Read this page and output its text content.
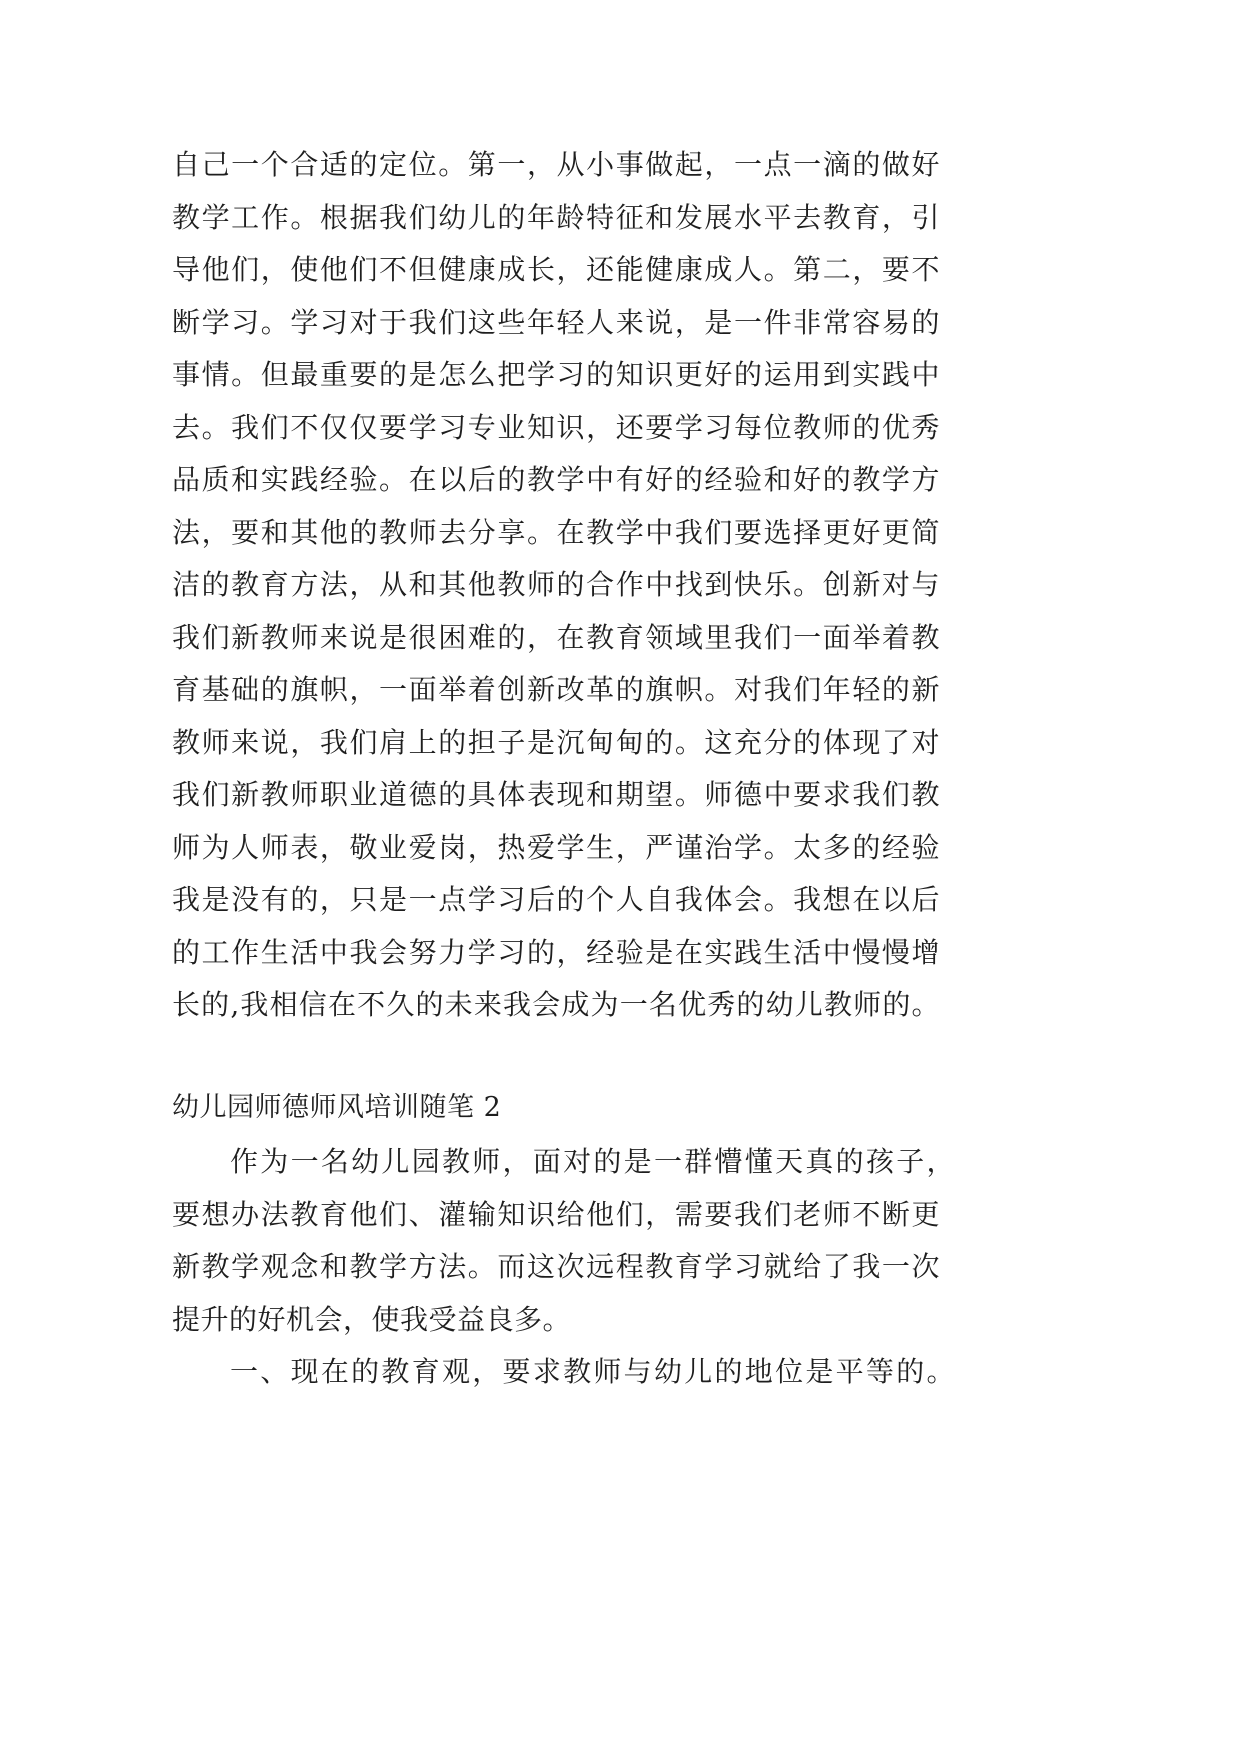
自己一个合适的定位。第一，从小事做起，一点一滴的做好
教学工作。根据我们幼儿的年龄特征和发展水平去教育，引
导他们，使他们不但健康成长，还能健康成人。第二，要不
断学习。学习对于我们这些年轻人来说，是一件非常容易的
事情。但最重要的是怎么把学习的知识更好的运用到实践中
去。我们不仅仅要学习专业知识，还要学习每位教师的优秀
品质和实践经验。在以后的教学中有好的经验和好的教学方
法，要和其他的教师去分享。在教学中我们要选择更好更简
洁的教育方法，从和其他教师的合作中找到快乐。创新对与
我们新教师来说是很困难的，在教育领域里我们一面举着教
育基础的旗帜，一面举着创新改革的旗帜。对我们年轻的新
教师来说，我们肩上的担子是沉甸甸的。这充分的体现了对
我们新教师职业道德的具体表现和期望。师德中要求我们教
师为人师表，敬业爱岗，热爱学生，严谨治学。太多的经验
我是没有的，只是一点学习后的个人自我体会。我想在以后
的工作生活中我会努力学习的，经验是在实践生活中慢慢增
长的,我相信在不久的未来我会成为一名优秀的幼儿教师的。
幼儿园师德师风培训随笔 2
作为一名幼儿园教师，面对的是一群懵懂天真的孩子，
要想办法教育他们、灌输知识给他们，需要我们老师不断更
新教学观念和教学方法。而这次远程教育学习就给了我一次
提升的好机会，使我受益良多。
一、现在的教育观，要求教师与幼儿的地位是平等的。
